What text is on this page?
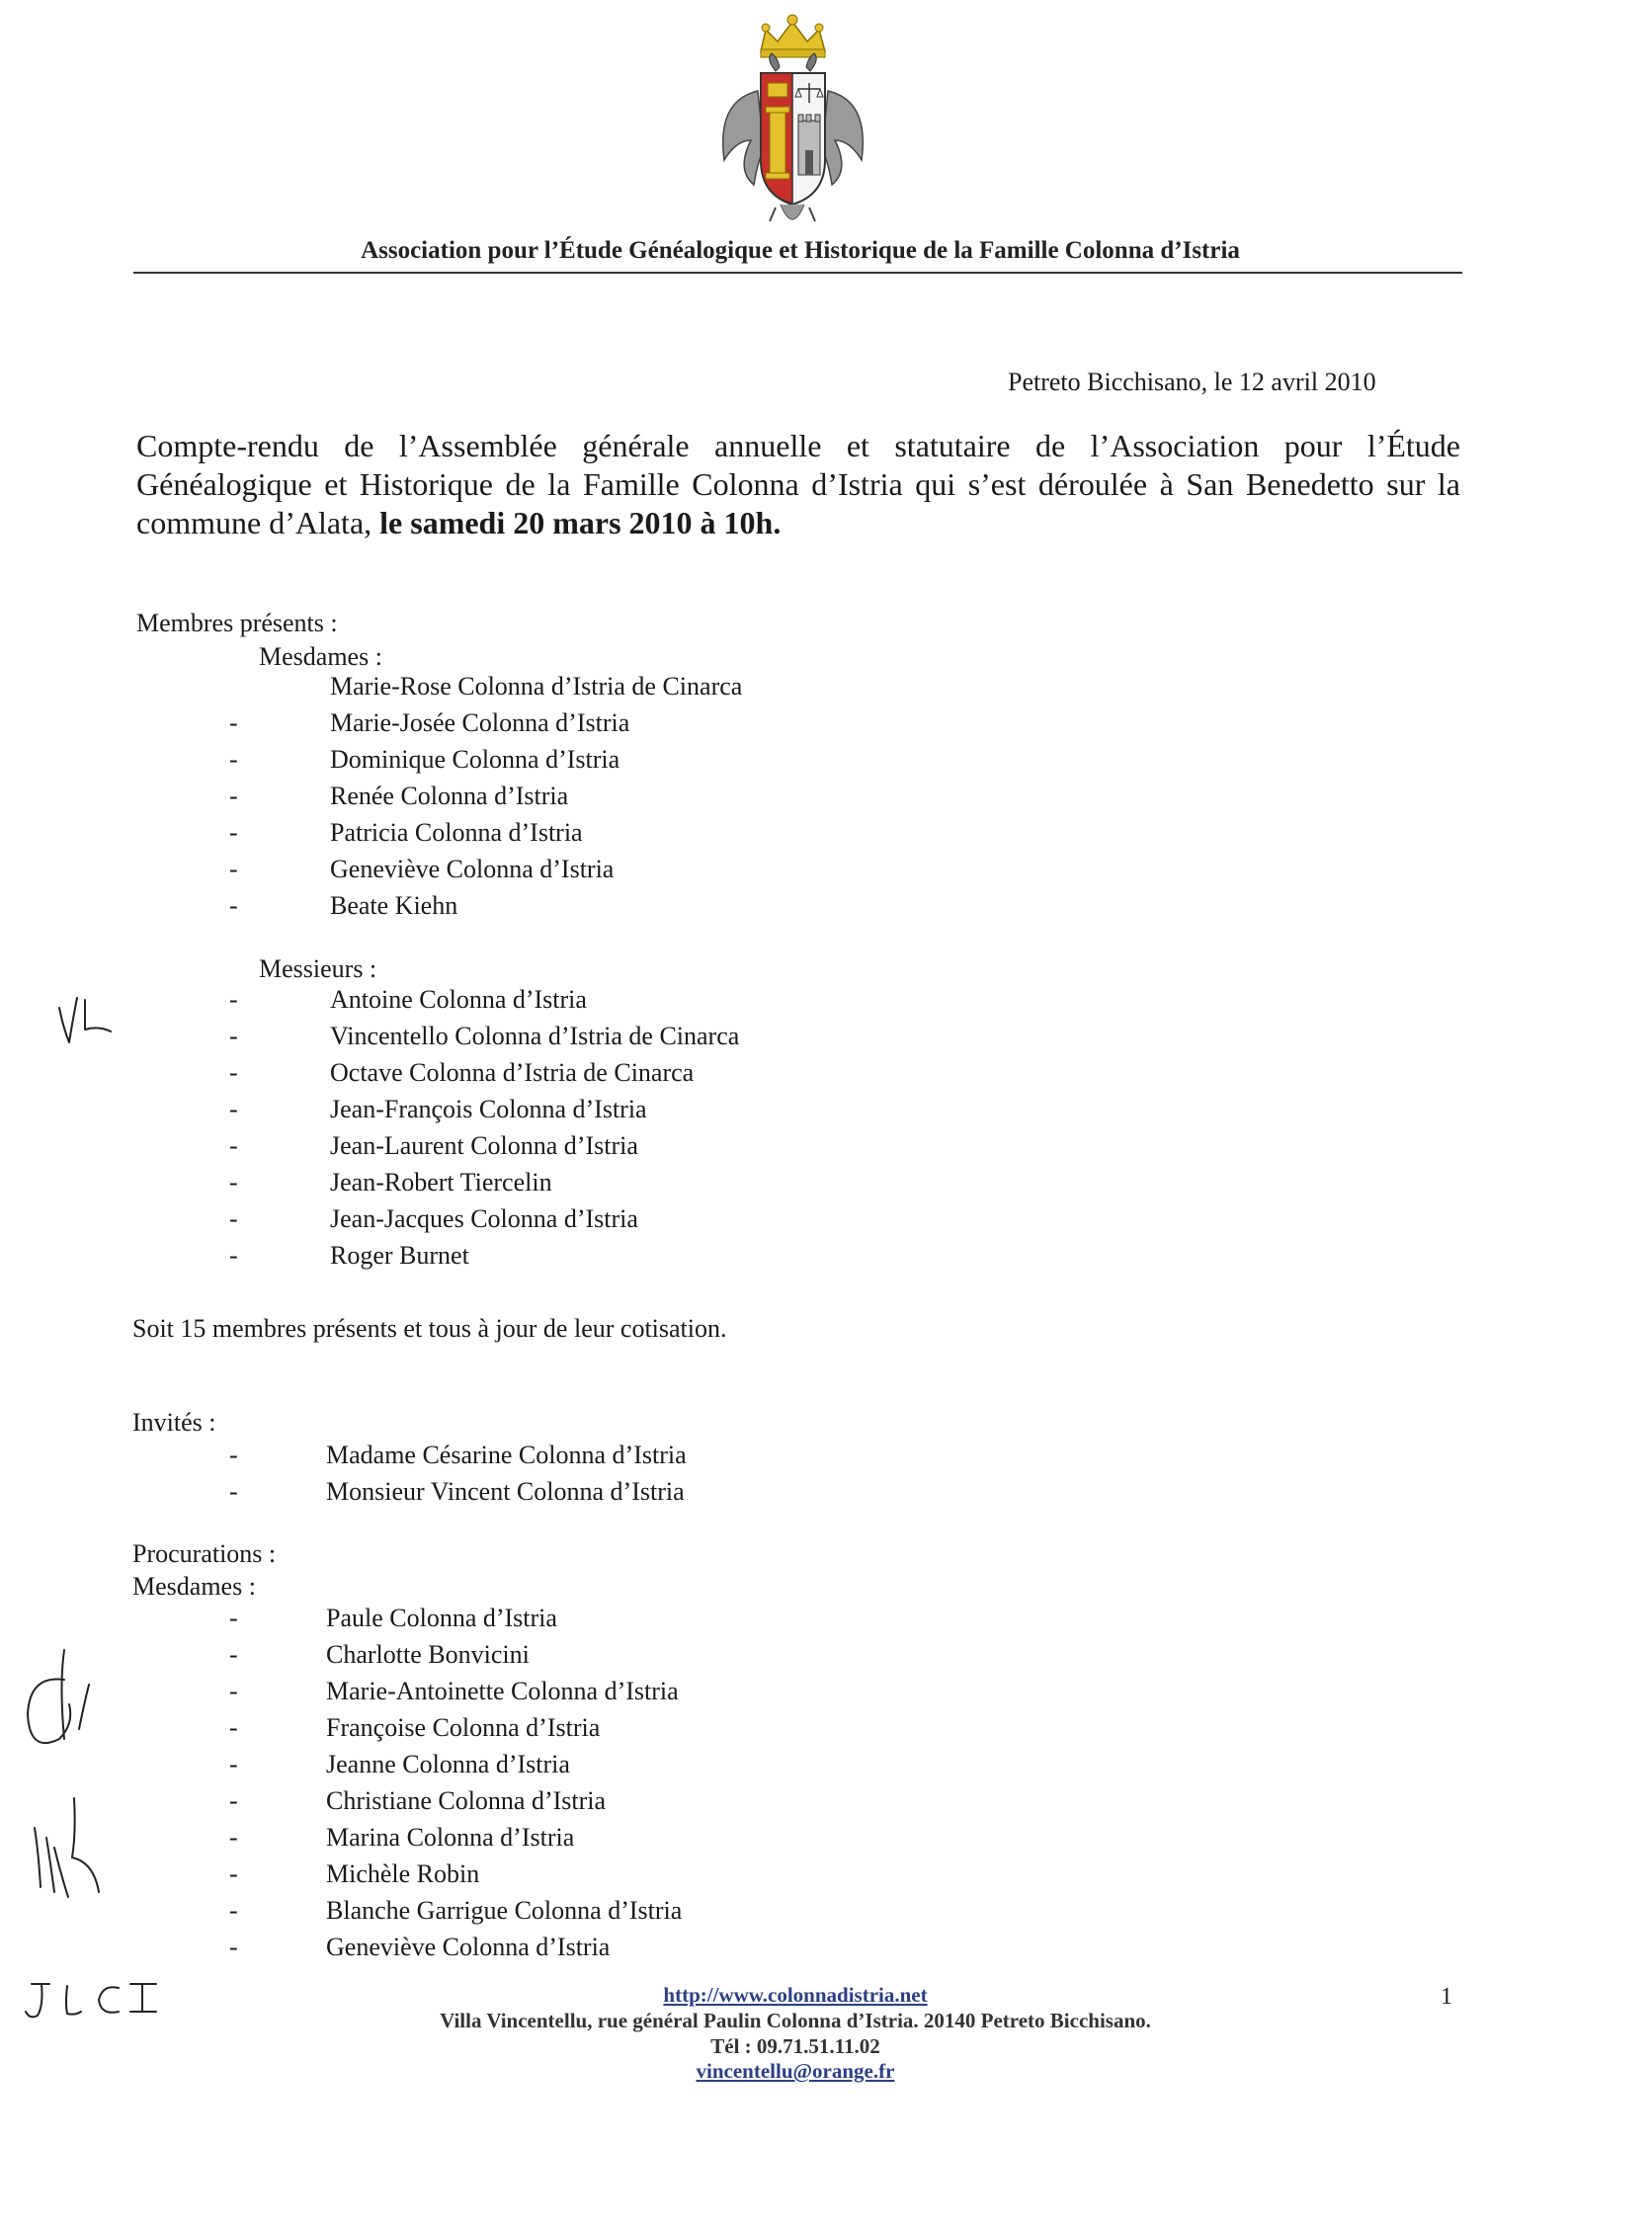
Association pour l’Étude Généalogique et Historique de la Famille Colonna d’Istria
Petreto Bicchisano, le 12 avril 2010
Compte-rendu de l’Assemblée générale annuelle et statutaire de l’Association pour l’Étude Généalogique et Historique de la Famille Colonna d’Istria qui s’est déroulée à San Benedetto sur la commune d’Alata, le samedi 20 mars 2010 à 10h.
Membres présents :
Mesdames :
Marie-Rose Colonna d’Istria de Cinarca
-	Marie-Josée Colonna d’Istria
-	Dominique Colonna d’Istria
-	Renée Colonna d’Istria
-	Patricia Colonna d’Istria
-	Geneviève Colonna d’Istria
-	Beate Kiehn
Messieurs :
-	Antoine Colonna d’Istria
-	Vincentello Colonna d’Istria de Cinarca
-	Octave Colonna d’Istria de Cinarca
-	Jean-François Colonna d’Istria
-	Jean-Laurent Colonna d’Istria
-	Jean-Robert Tiercelin
-	Jean-Jacques Colonna d’Istria
-	Roger Burnet
Soit 15 membres présents et tous à jour de leur cotisation.
Invités :
-	Madame Césarine Colonna d’Istria
-	Monsieur Vincent Colonna d’Istria
Procurations :
Mesdames :
-	Paule Colonna d’Istria
-	Charlotte Bonvicini
-	Marie-Antoinette Colonna d’Istria
-	Françoise Colonna d’Istria
-	Jeanne Colonna d’Istria
-	Christiane Colonna d’Istria
-	Marina Colonna d’Istria
-	Michèle Robin
-	Blanche Garrigue Colonna d’Istria
-	Geneviève Colonna d’Istria
http://www.colonnadistria.net
Villa Vincentellu, rue général Paulin Colonna d’Istria. 20140 Petreto Bicchisano.
Tél : 09.71.51.11.02
vincentellu@orange.fr
1
